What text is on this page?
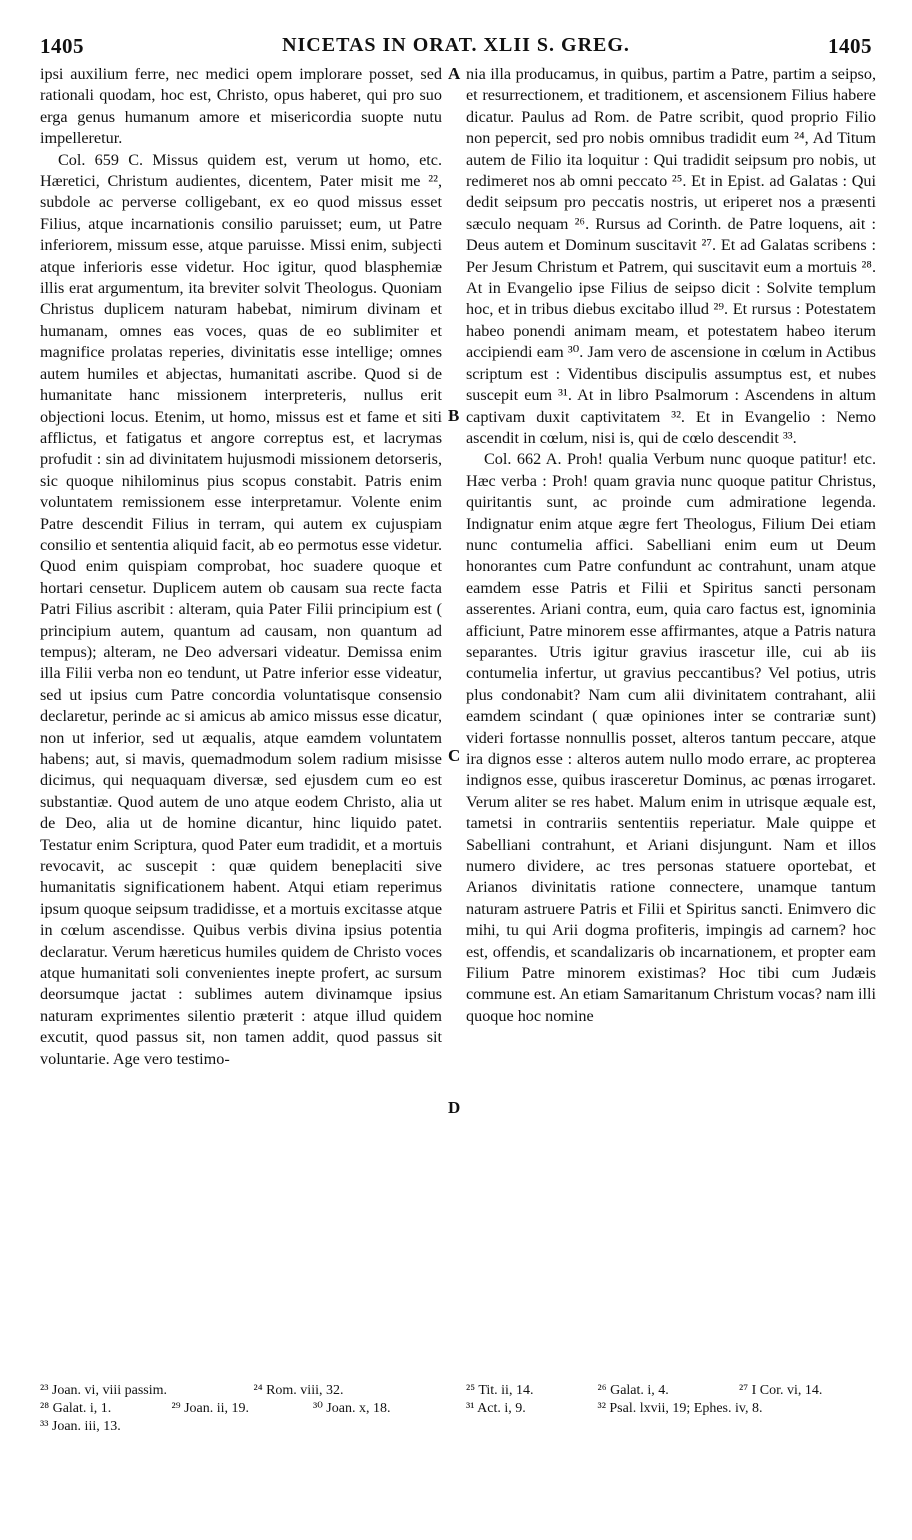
1405	NICETAS IN ORAT. XLII S. GREG.	1405

ipsi auxilium ferre, nec medici opem implorare posset, sed rationali quodam, hoc est, Christo, opus haberet, qui pro suo erga genus humanum amore et misericordia suopte nutu impelleretur.

Col. 659 C. Missus quidem est, verum ut homo, etc. Hæretici, Christum audientes, dicentem, Pater misit me ²², subdole ac perverse colligebant, ex eo quod missus esset Filius, atque incarnationis consilio paruisset; eum, ut Patre inferiorem, missum esse, atque paruisse. Missi enim, subjecti atque inferioris esse videtur. Hoc igitur, quod blasphemiæ illis erat argumentum, ita breviter solvit Theologus. Quoniam Christus duplicem naturam habebat, nimirum divinam et humanam, omnes eas voces, quas de eo sublimiter et magnifice prolatas reperies, divinitatis esse intellige; omnes autem humiles et abjectas, humanitati ascribe. Quod si de humanitate hanc missionem interpreteris, nullus erit objectioni locus. Etenim, ut homo, missus est et fame et siti afflictus, et fatigatus et angore correptus est, et lacrymas profudit : sin ad divinitatem hujusmodi missionem detorseris, sic quoque nihilominus pius scopus constabit. Patris enim voluntatem remissionem esse interpretamur. Volente enim Patre descendit Filius in terram, qui autem ex cujuspiam consilio et sententia aliquid facit, ab eo permotus esse videtur. Quod enim quispiam comprobat, hoc suadere quoque et hortari censetur. Duplicem autem ob causam sua recte facta Patri Filius ascribit : alteram, quia Pater Filii principium est ( principium autem, quantum ad causam, non quantum ad tempus); alteram, ne Deo adversari videatur. Demissa enim illa Filii verba non eo tendunt, ut Patre inferior esse videatur, sed ut ipsius cum Patre concordia voluntatisque consensio declaretur, perinde ac si amicus ab amico missus esse dicatur, non ut inferior, sed ut æqualis, atque eamdem voluntatem habens; aut, si mavis, quemadmodum solem radium misisse dicimus, qui nequaquam diversæ, sed ejusdem cum eo est substantiæ. Quod autem de uno atque eodem Christo, alia ut de Deo, alia ut de homine dicantur, hinc liquido patet. Testatur enim Scriptura, quod Pater eum tradidit, et a mortuis revocavit, ac suscepit : quæ quidem beneplaciti sive humanitatis significationem habent. Atqui etiam reperimus ipsum quoque seipsum tradidisse, et a mortuis excitasse atque in cœlum ascendisse. Quibus verbis divina ipsius potentia declaratur. Verum hæreticus humiles quidem de Christo voces atque humanitati soli convenientes inepte profert, ac sursum deorsumque jactat : sublimes autem divinamque ipsius naturam exprimentes silentio præterit : atque illud quidem excutit, quod passus sit, non tamen addit, quod passus sit voluntarie. Age vero testimo-

nia illa producamus, in quibus, partim a Patre, partim a seipso, et resurrectionem, et traditionem, et ascensionem Filius habere dicatur. Paulus ad Rom. de Patre scribit, quod proprio Filio non pepercit, sed pro nobis omnibus tradidit eum ²⁴, Ad Titum autem de Filio ita loquitur : Qui tradidit seipsum pro nobis, ut redimeret nos ab omni peccato ²⁵. Et in Epist. ad Galatas : Qui dedit seipsum pro peccatis nostris, ut eriperet nos a præsenti sæculo nequam ²⁶. Rursus ad Corinth. de Patre loquens, ait : Deus autem et Dominum suscitavit ²⁷. Et ad Galatas scribens : Per Jesum Christum et Patrem, qui suscitavit eum a mortuis ²⁸. At in Evangelio ipse Filius de seipso dicit : Solvite templum hoc, et in tribus diebus excitabo illud ²⁹. Et rursus : Potestatem habeo ponendi animam meam, et potestatem habeo iterum accipiendi eam ³⁰. Jam vero de ascensione in cœlum in Actibus scriptum est : Videntibus discipulis assumptus est, et nubes suscepit eum ³¹. At in libro Psalmorum : Ascendens in altum captivam duxit captivitatem ³². Et in Evangelio : Nemo ascendit in cœlum, nisi is, qui de cœlo descendit ³³.

Col. 662 A. Proh! qualia Verbum nunc quoque patitur! etc. Hæc verba : Proh! quam gravia nunc quoque patitur Christus, quiritantis sunt, ac proinde cum admiratione legenda. Indignatur enim atque ægre fert Theologus, Filium Dei etiam nunc contumelia affici. Sabelliani enim eum ut Deum honorantes cum Patre confundunt ac contrahunt, unam atque eamdem esse Patris et Filii et Spiritus sancti personam asserentes. Ariani contra, eum, quia caro factus est, ignominia afficiunt, Patre minorem esse affirmantes, atque a Patris natura separantes. Utris igitur gravius irascetur ille, cui ab iis contumelia infertur, ut gravius peccantibus? Vel potius, utris plus condonabit? Nam cum alii divinitatem contrahant, alii eamdem scindant ( quæ opiniones inter se contrariæ sunt) videri fortasse nonnullis posset, alteros tantum peccare, atque ira dignos esse : alteros autem nullo modo errare, ac propterea indignos esse, quibus irasceretur Dominus, ac pœnas irrogaret. Verum aliter se res habet. Malum enim in utrisque æquale est, tametsi in contrariis sententiis reperiatur. Male quippe et Sabelliani contrahunt, et Ariani disjungunt. Nam et illos numero dividere, ac tres personas statuere oportebat, et Arianos divinitatis ratione connectere, unamque tantum naturam astruere Patris et Filii et Spiritus sancti. Enimvero dic mihi, tu qui Arii dogma profiteris, impingis ad carnem? hoc est, offendis, et scandalizaris ob incarnationem, et propter eam Filium Patre minorem existimas? Hoc tibi cum Judæis commune est. An etiam Samaritanum Christum vocas? nam illi quoque hoc nomine

A
B
C
D
²³ Joan. vi, viii passim.	²⁴ Rom. viii, 32.
²⁸ Galat. i, 1.	²⁹ Joan. ii, 19.	³⁰ Joan. x, 18.
³³ Joan. iii, 13.
²⁵ Tit. ii, 14.	²⁶ Galat. i, 4.	²⁷ I Cor. vi, 14.
³¹ Act. i, 9.	³² Psal. lxvii, 19; Ephes. iv, 8.
